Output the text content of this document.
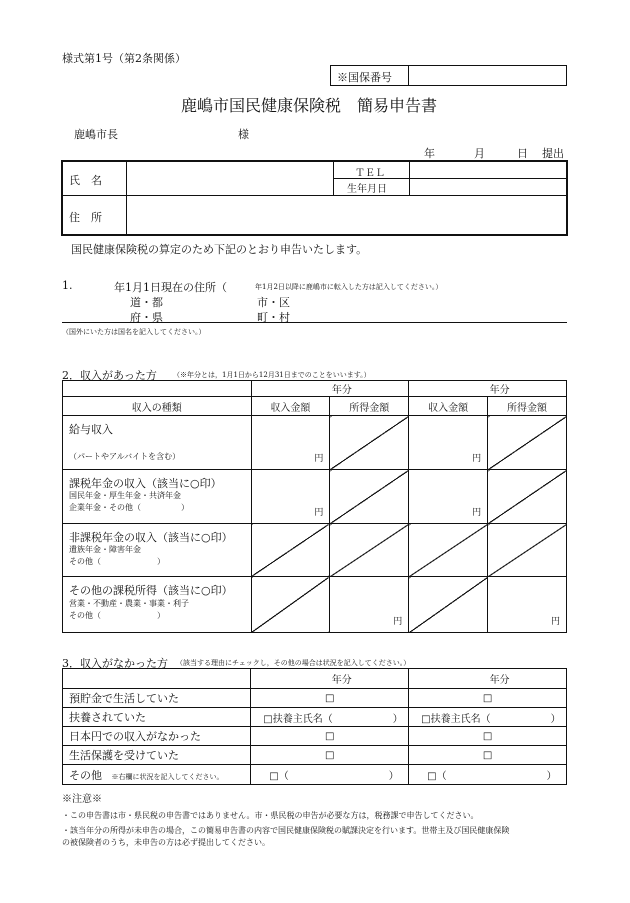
様式第1号（第2条関係）
※国保番号
鹿嶋市国民健康保険税　簡易申告書
鹿嶋市長	様
年	月	日 提出
氏　名
ＴＥＬ
生年月日
住　所
国民健康保険税の算定のため下記のとおり申告いたします。
1.	年1月1日現在の住所（	年1月2日以降に鹿嶋市に転入した方は記入してください。）
道・都
府・県
市・区
町・村
（国外にいた方は国名を記入してください。）
2．収入があった方 （※年分とは，1月1日から12月31日までのことをいいます。）
	年分		年分	
収入の種類	収入金額	所得金額	収入金額	所得金額

給与収入
（パートやアルバイトを含む）	円		円	

課税年金の収入（該当に○印）
国民年金・厚生年金・共済年金
企業年金・その他（　　　　　）	円		円	

非課税年金の収入（該当に○印）
遺族年金・障害年金
その他（　　　　　　　）				

その他の課税所得（該当に○印）
営業・不動産・農業・事業・利子
その他（　　　　　　　）		円		円
3．収入がなかった方 （該当する理由にチェックし，その他の場合は状況を記入してください。）
	年分	年分
預貯金で生活していた	□	□
扶養されていた	□扶養主氏名（　　　　　　）	□扶養主氏名（　　　　　　）
日本円での収入がなかった	□	□
生活保護を受けていた	□	□
その他 ※右欄に状況を記入してください。	□（　　　　　　　　　　）	□（　　　　　　　　　　）
※注意※
・この申告書は市・県民税の申告書ではありません。市・県民税の申告が必要な方は，税務課で申告してください。
・該当年分の所得が未申告の場合，この簡易申告書の内容で国民健康保険税の賦課決定を行います。世帯主及び国民健康保険
の被保険者のうち，未申告の方は必ず提出してください。
